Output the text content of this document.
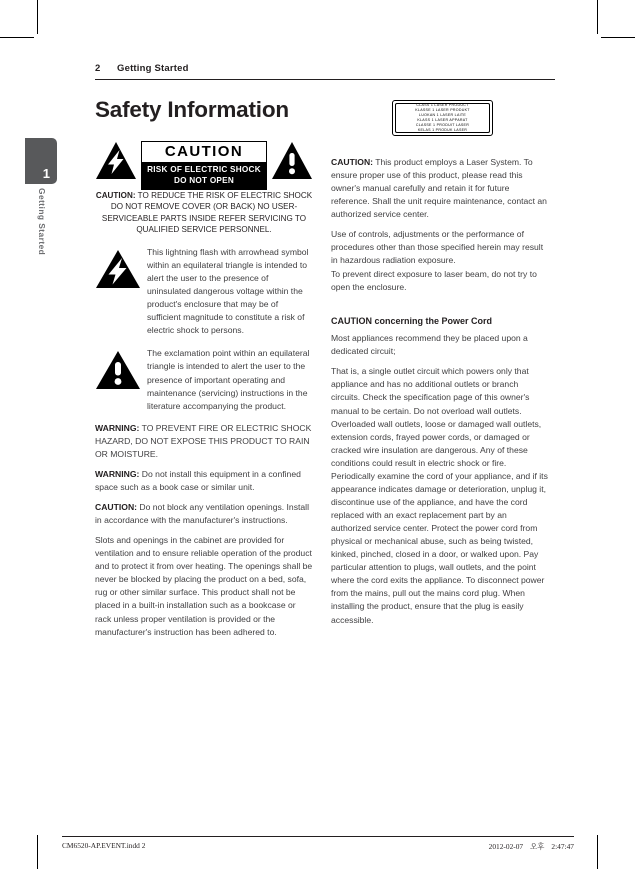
2	Getting Started
1
Getting Started
Safety Information
CAUTION
RISK OF ELECTRIC SHOCK
DO NOT OPEN
CAUTION: TO REDUCE THE RISK OF ELECTRIC SHOCK DO NOT REMOVE COVER (OR BACK) NO USER-SERVICEABLE PARTS INSIDE REFER SERVICING TO QUALIFIED SERVICE PERSONNEL.

This lightning flash with arrowhead symbol within an equilateral triangle is intended to alert the user to the presence of uninsulated dangerous voltage within the product's enclosure that may be of sufficient magnitude to constitute a risk of electric shock to persons.

The exclamation point within an equilateral triangle is intended to alert the user to the presence of important operating and maintenance (servicing) instructions in the literature accompanying the product.

WARNING: TO PREVENT FIRE OR ELECTRIC SHOCK HAZARD, DO NOT EXPOSE THIS PRODUCT TO RAIN OR MOISTURE.

WARNING: Do not install this equipment in a confined space such as a book case or similar unit.

CAUTION: Do not block any ventilation openings. Install in accordance with the manufacturer's instructions.

Slots and openings in the cabinet are provided for ventilation and to ensure reliable operation of the product and to protect it from over heating. The openings shall be never be blocked by placing the product on a bed, sofa, rug or other similar surface. This product shall not be placed in a built-in installation such as a bookcase or rack unless proper ventilation is provided or the manufacturer's instruction has been adhered to.

CLASS 1 LASER PRODUCT
KLASSE 1 LASER PRODUKT
LUOKAN 1 LASER LAITE
KLASS 1 LASER APPARAT
CLASSE 1 PRODUIT LASER
KELAS 1 PRODUK LASER

CAUTION: This product employs a Laser System. To ensure proper use of this product, please read this owner's manual carefully and retain it for future reference. Shall the unit require maintenance, contact an authorized service center.

Use of controls, adjustments or the performance of procedures other than those specified herein may result in hazardous radiation exposure.

To prevent direct exposure to laser beam, do not try to open the enclosure.

CAUTION concerning the Power Cord

Most appliances recommend they be placed upon a dedicated circuit;

That is, a single outlet circuit which powers only that appliance and has no additional outlets or branch circuits. Check the specification page of this owner's manual to be certain. Do not overload wall outlets. Overloaded wall outlets, loose or damaged wall outlets, extension cords, frayed power cords, or damaged or cracked wire insulation are dangerous. Any of these conditions could result in electric shock or fire. Periodically examine the cord of your appliance, and if its appearance indicates damage or deterioration, unplug it, discontinue use of the appliance, and have the cord replaced with an exact replacement part by an authorized service center. Protect the power cord from physical or mechanical abuse, such as being twisted, kinked, pinched, closed in a door, or walked upon. Pay particular attention to plugs, wall outlets, and the point where the cord exits the appliance. To disconnect power from the mains, pull out the mains cord plug. When installing the product, ensure that the plug is easily accessible.

CM6520-AP.EVENT.indd 2	2012-02-07 오후 2:47:47
